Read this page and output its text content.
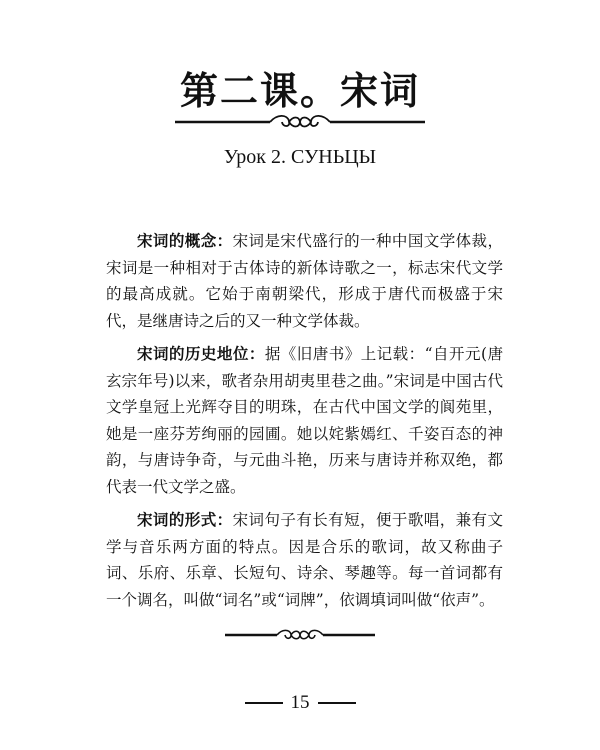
第二课。宋词
Урок 2. СУНЬЦЫ

宋词的概念：宋词是宋代盛行的一种中国文学体裁，宋词是一种相对于古体诗的新体诗歌之一，标志宋代文学的最高成就。它始于南朝梁代，形成于唐代而极盛于宋代，是继唐诗之后的又一种文学体裁。

宋词的历史地位：据《旧唐书》上记载：“自开元(唐玄宗年号)以来，歌者杂用胡夷里巷之曲。”宋词是中国古代文学皇冠上光辉夺目的明珠，在古代中国文学的阆苑里，她是一座芬芳绚丽的园圃。她以姹紫嫣红、千姿百态的神韵，与唐诗争奇，与元曲斗艳，历来与唐诗并称双绝，都代表一代文学之盛。

宋词的形式：宋词句子有长有短，便于歌唱，兼有文学与音乐两方面的特点。因是合乐的歌词，故又称曲子词、乐府、乐章、长短句、诗余、琴趣等。每一首词都有一个调名，叫做“词名”或“词牌”，依调填词叫做“依声”。

15
